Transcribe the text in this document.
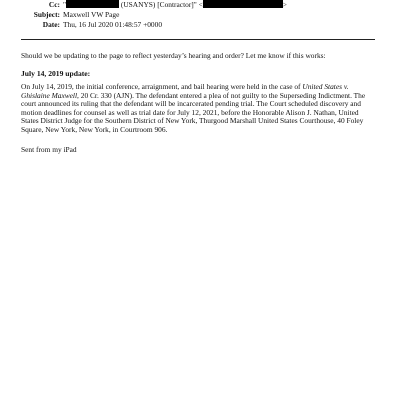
Cc: "	(USANYS) [Contractor]" <	>
Subject: Maxwell VW Page
Date: Thu, 16 Jul 2020 01:48:57 +0000
Should we be updating to the page to reflect yesterday’s hearing and order? Let me know if this works:
July 14, 2019 update:
On July 14, 2019, the initial conference, arraignment, and bail hearing were held in the case of United States v. Ghislaine Maxwell, 20 Cr. 330 (AJN). The defendant entered a plea of not guilty to the Superseding Indictment. The court announced its ruling that the defendant will be incarcerated pending trial. The Court scheduled discovery and motion deadlines for counsel as well as trial date for July 12, 2021, before the Honorable Alison J. Nathan, United States District Judge for the Southern District of New York, Thurgood Marshall United States Courthouse, 40 Foley Square, New York, New York, in Courtroom 906.
Sent from my iPad
